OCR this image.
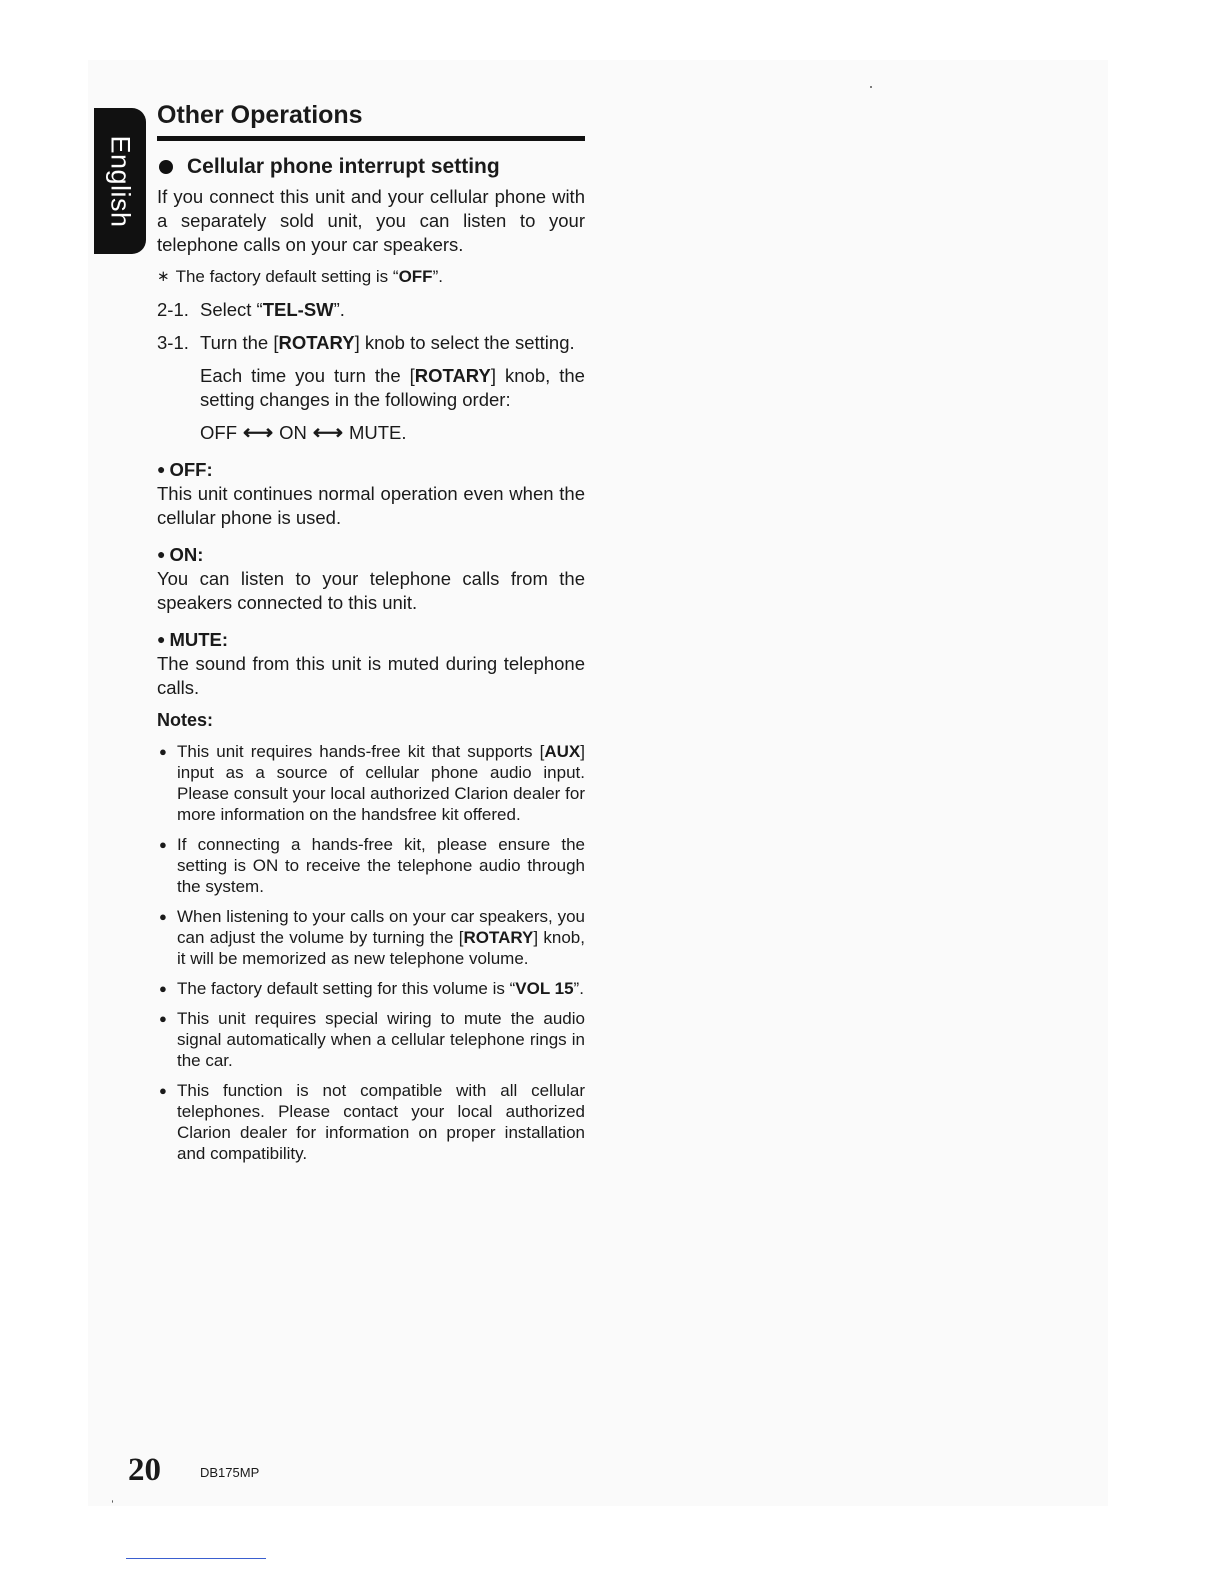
English
Other Operations
Cellular phone interrupt setting

If you connect this unit and your cellular phone with a separately sold unit, you can listen to your telephone calls on your car speakers.

∗ The factory default setting is “OFF”.

2-1. Select “TEL-SW”.
3-1. Turn the [ROTARY] knob to select the setting.

Each time you turn the [ROTARY] knob, the setting changes in the following order:

OFF ⟷ ON ⟷ MUTE.

● OFF:

This unit continues normal operation even when the cellular phone is used.

● ON:

You can listen to your telephone calls from the speakers connected to this unit.

● MUTE:

The sound from this unit is muted during telephone calls.

Notes:

● This unit requires hands-free kit that supports [AUX] input as a source of cellular phone audio input. Please consult your local authorized Clarion dealer for more information on the handsfree kit offered.
● If connecting a hands-free kit, please ensure the setting is ON to receive the telephone audio through the system.
● When listening to your calls on your car speakers, you can adjust the volume by turning the [ROTARY] knob, it will be memorized as new telephone volume.
● The factory default setting for this volume is “VOL 15”.
● This unit requires special wiring to mute the audio signal automatically when a cellular telephone rings in the car.
● This function is not compatible with all cellular telephones. Please contact your local authorized Clarion dealer for information on proper installation and compatibility.
20	DB175MP
